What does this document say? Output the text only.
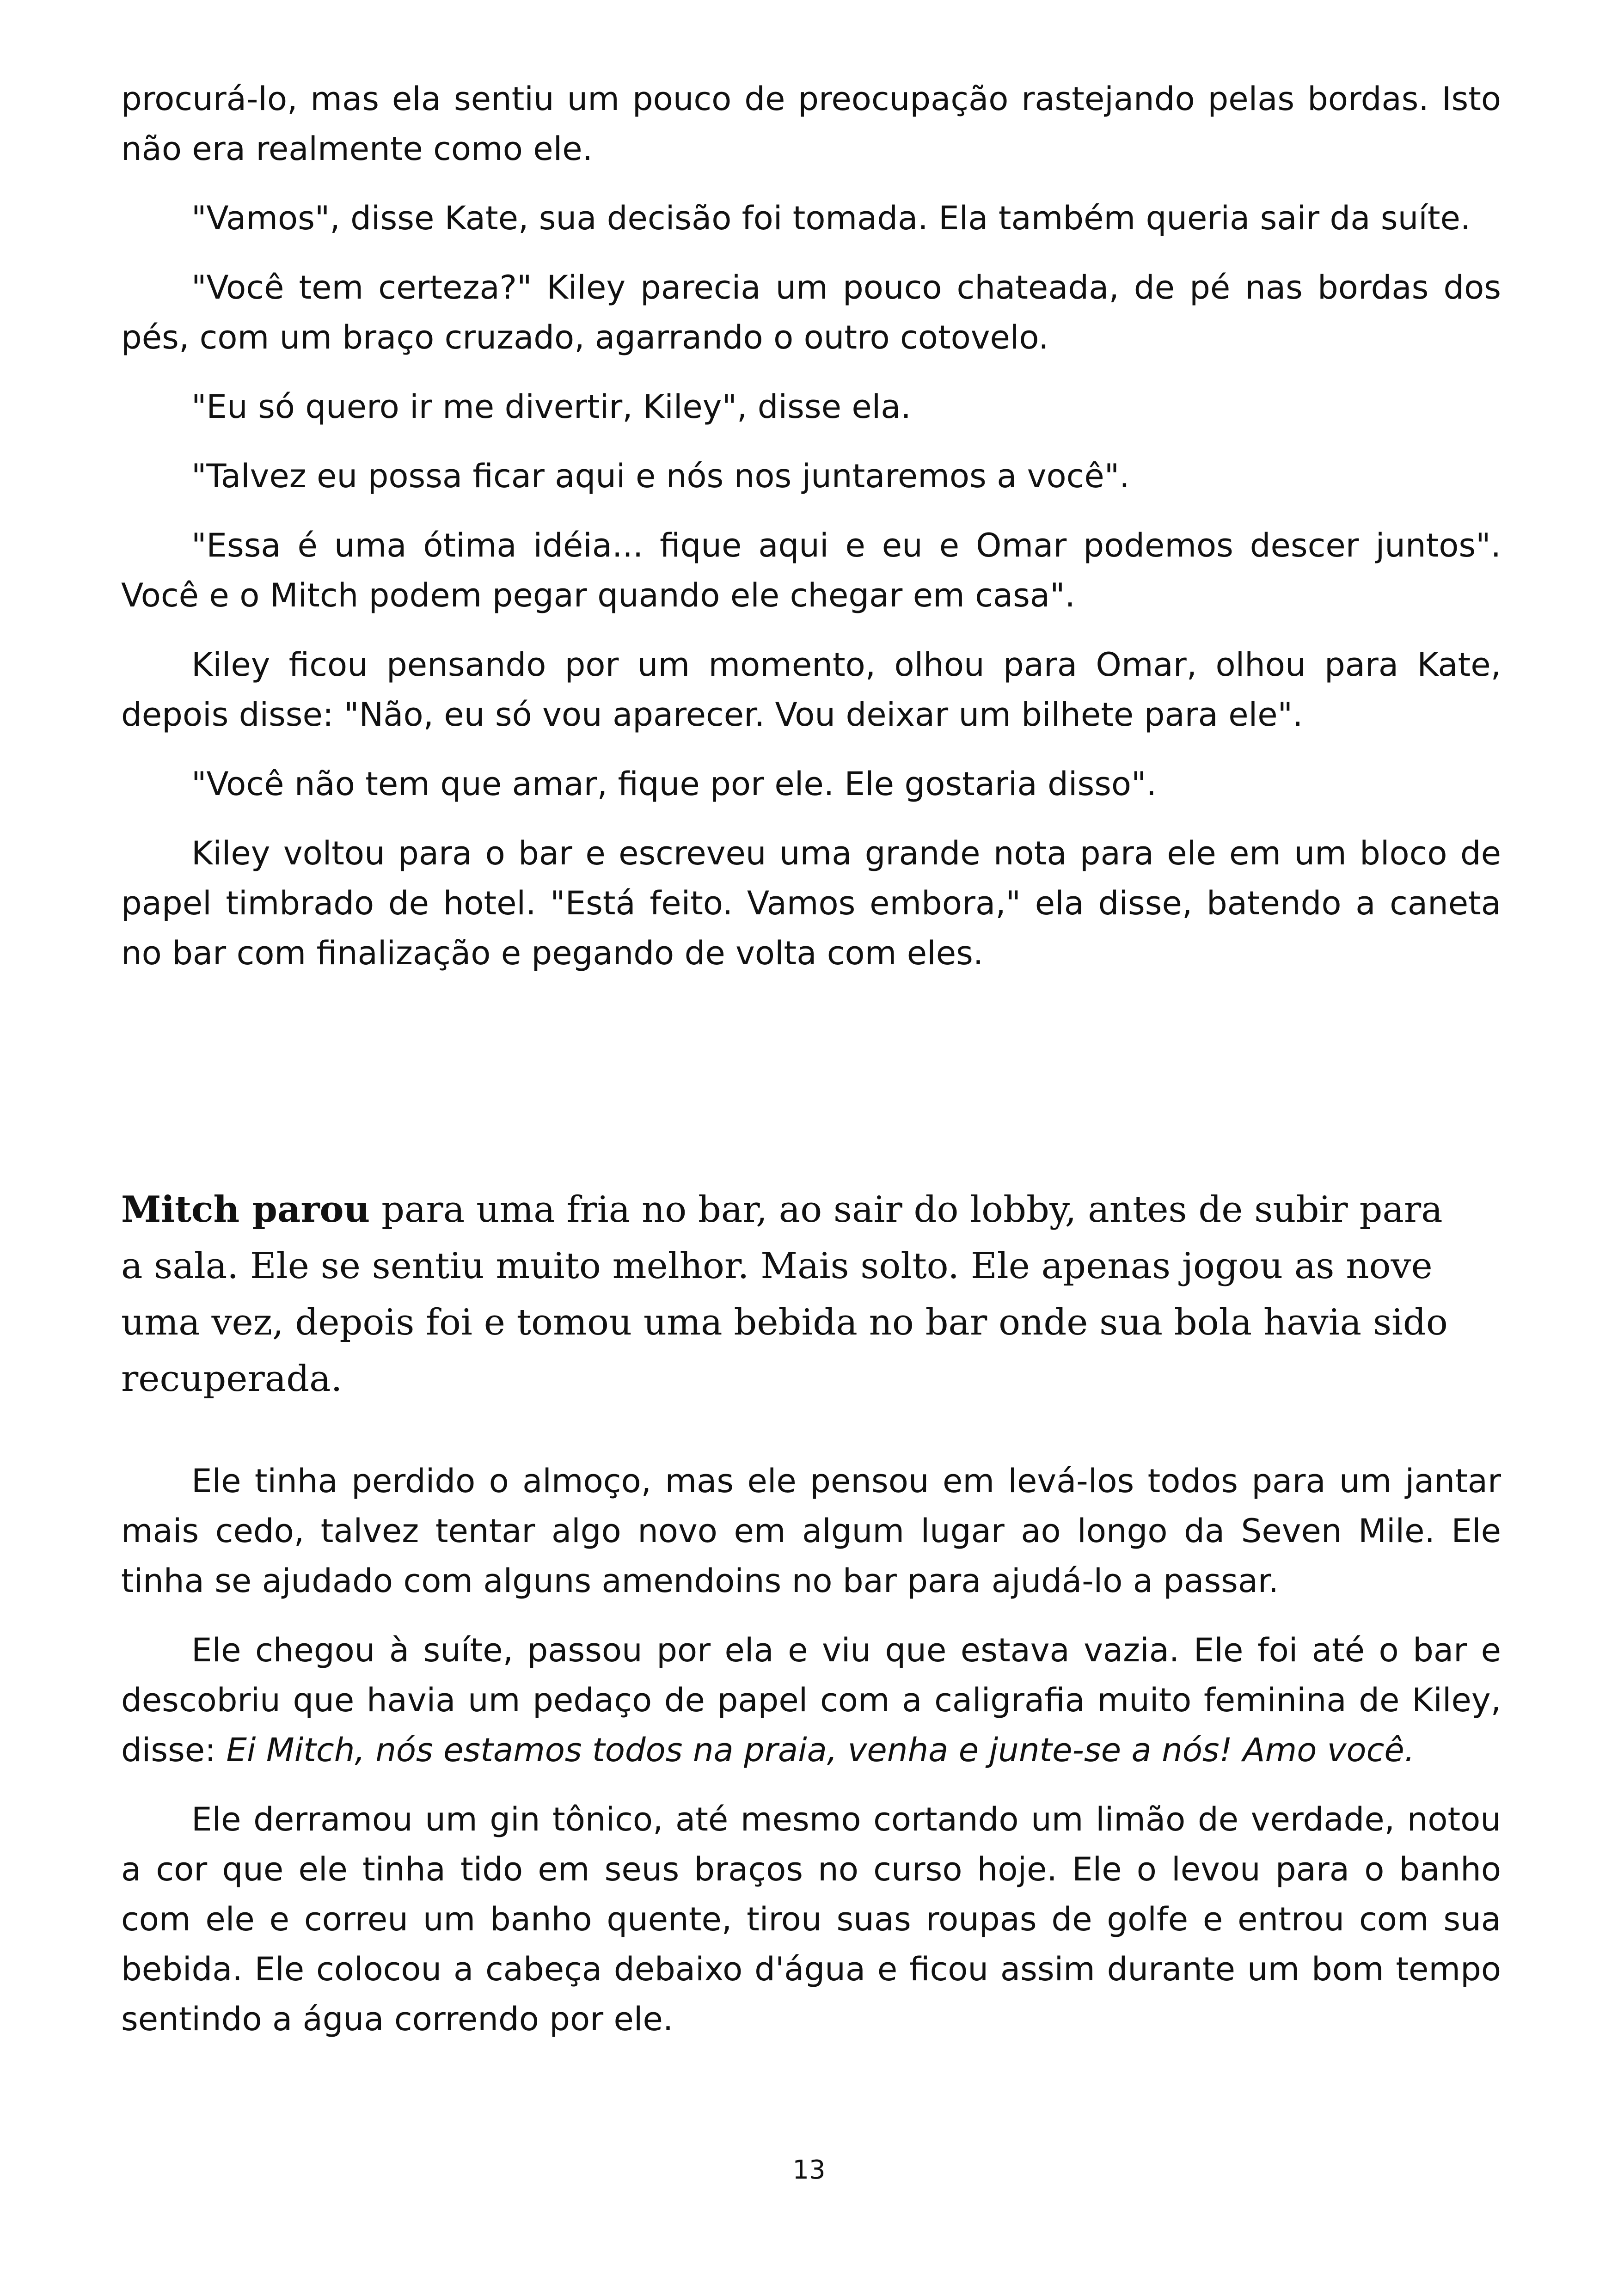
procurá-lo, mas ela sentiu um pouco de preocupação rastejando pelas bordas. Isto não era realmente como ele.

"Vamos", disse Kate, sua decisão foi tomada. Ela também queria sair da suíte.

"Você tem certeza?" Kiley parecia um pouco chateada, de pé nas bordas dos pés, com um braço cruzado, agarrando o outro cotovelo.

"Eu só quero ir me divertir, Kiley", disse ela.

"Talvez eu possa ficar aqui e nós nos juntaremos a você".

"Essa é uma ótima idéia... fique aqui e eu e Omar podemos descer juntos". Você e o Mitch podem pegar quando ele chegar em casa".

Kiley ficou pensando por um momento, olhou para Omar, olhou para Kate, depois disse: "Não, eu só vou aparecer. Vou deixar um bilhete para ele".

"Você não tem que amar, fique por ele. Ele gostaria disso".

Kiley voltou para o bar e escreveu uma grande nota para ele em um bloco de papel timbrado de hotel. "Está feito. Vamos embora," ela disse, batendo a caneta no bar com finalização e pegando de volta com eles.

Mitch parou para uma fria no bar, ao sair do lobby, antes de subir para a sala. Ele se sentiu muito melhor. Mais solto. Ele apenas jogou as nove uma vez, depois foi e tomou uma bebida no bar onde sua bola havia sido recuperada.

Ele tinha perdido o almoço, mas ele pensou em levá-los todos para um jantar mais cedo, talvez tentar algo novo em algum lugar ao longo da Seven Mile. Ele tinha se ajudado com alguns amendoins no bar para ajudá-lo a passar.

Ele chegou à suíte, passou por ela e viu que estava vazia. Ele foi até o bar e descobriu que havia um pedaço de papel com a caligrafia muito feminina de Kiley, disse: Ei Mitch, nós estamos todos na praia, venha e junte-se a nós! Amo você.

Ele derramou um gin tônico, até mesmo cortando um limão de verdade, notou a cor que ele tinha tido em seus braços no curso hoje. Ele o levou para o banho com ele e correu um banho quente, tirou suas roupas de golfe e entrou com sua bebida. Ele colocou a cabeça debaixo d'água e ficou assim durante um bom tempo sentindo a água correndo por ele.

13
